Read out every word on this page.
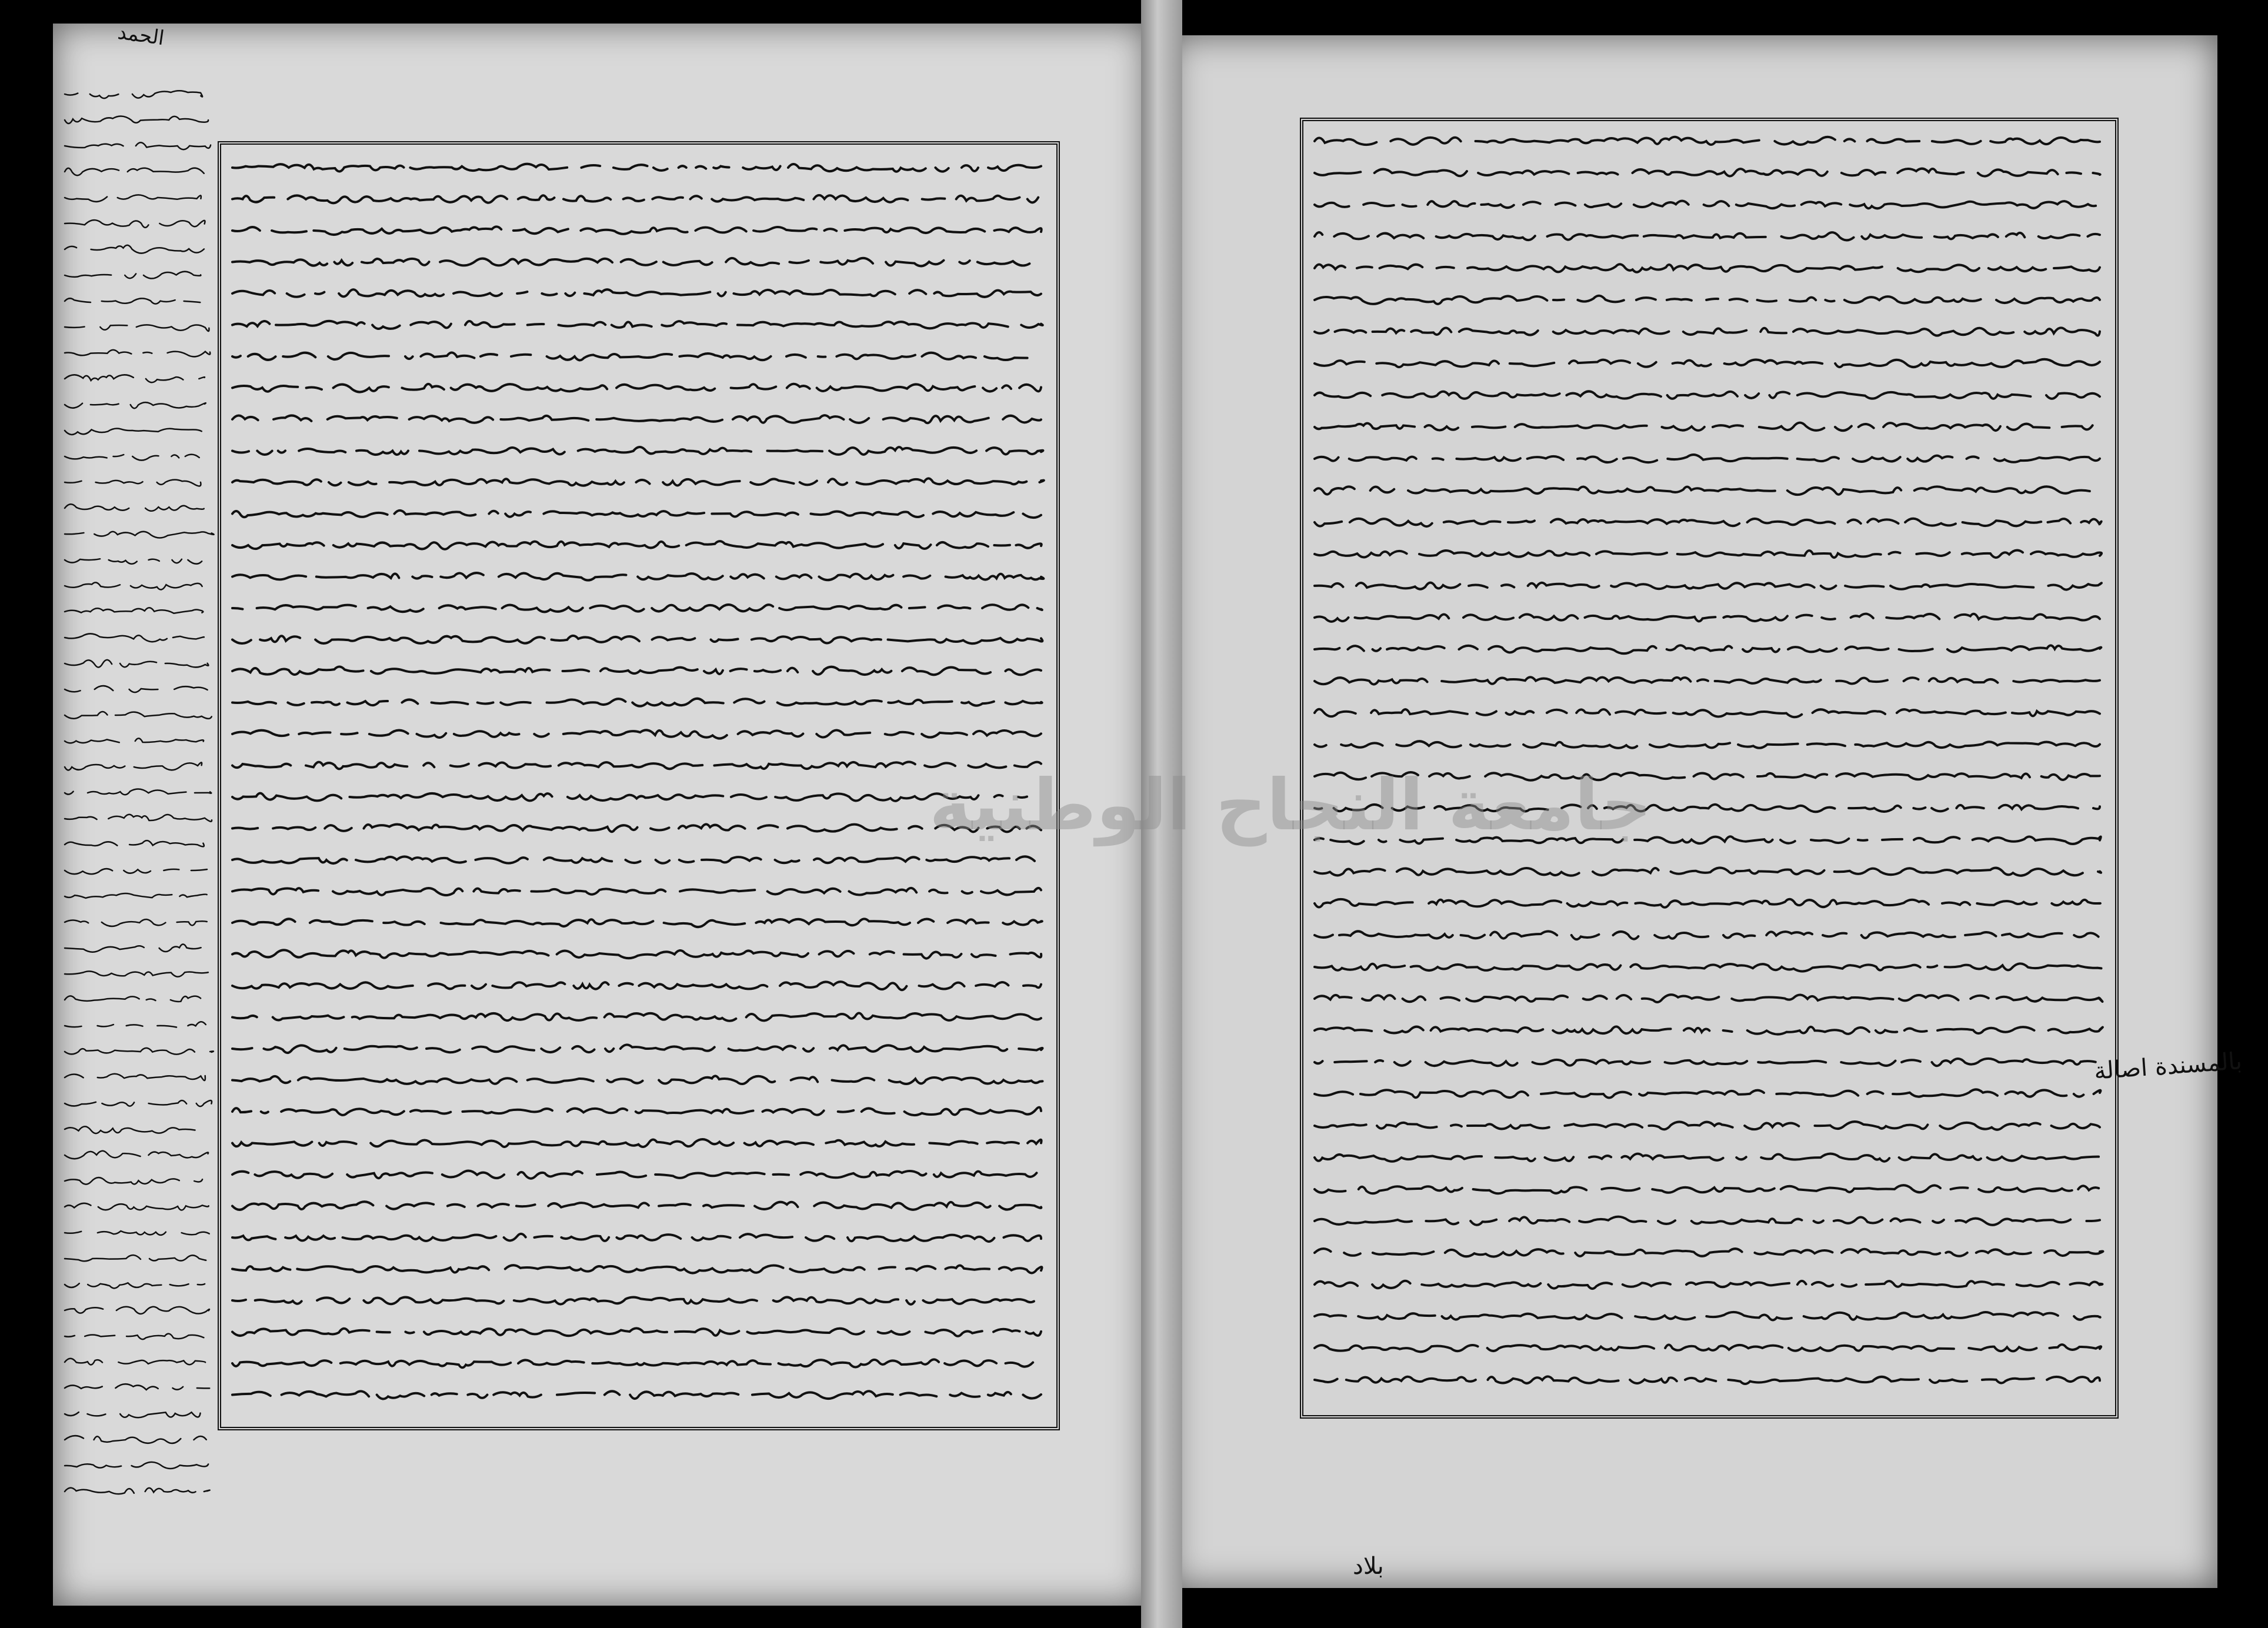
الحمد
بالمسندة اصالة
بلاد
جامعة النجاح الوطنية
